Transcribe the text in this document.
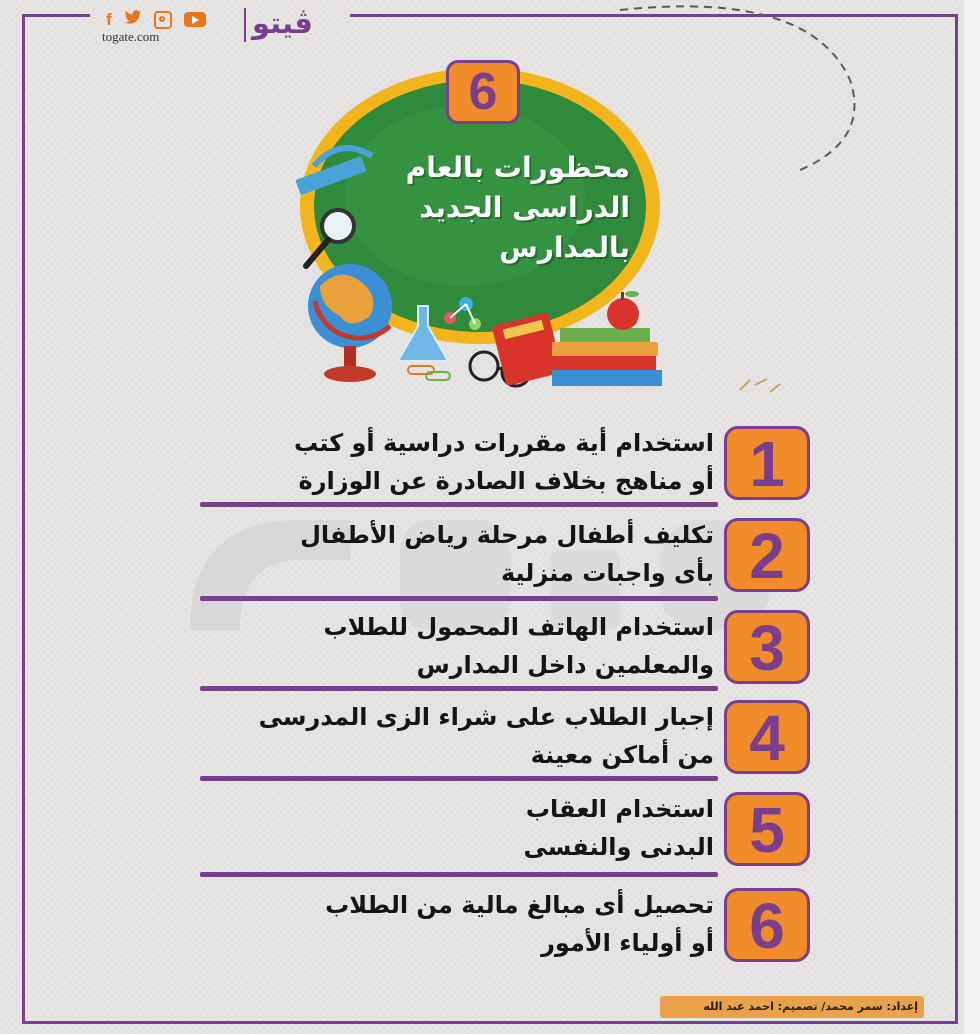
f
togate.com	ڤيتو
6
محظورات بالعام
الدراسى الجديد
بالمدارس
1
استخدام أية مقررات دراسية أو كتب
أو مناهج بخلاف الصادرة عن الوزارة
2
تكليف أطفال مرحلة رياض الأطفال
بأى واجبات منزلية
3
استخدام الهاتف المحمول للطلاب
والمعلمين داخل المدارس
4
إجبار الطلاب على شراء الزى المدرسى
من أماكن معينة
5
استخدام العقاب
البدنى والنفسى
6
تحصيل أى مبالغ مالية من الطلاب
أو أولياء الأمور
إعداد: سمر محمد/ تصميم: احمد عبد الله
